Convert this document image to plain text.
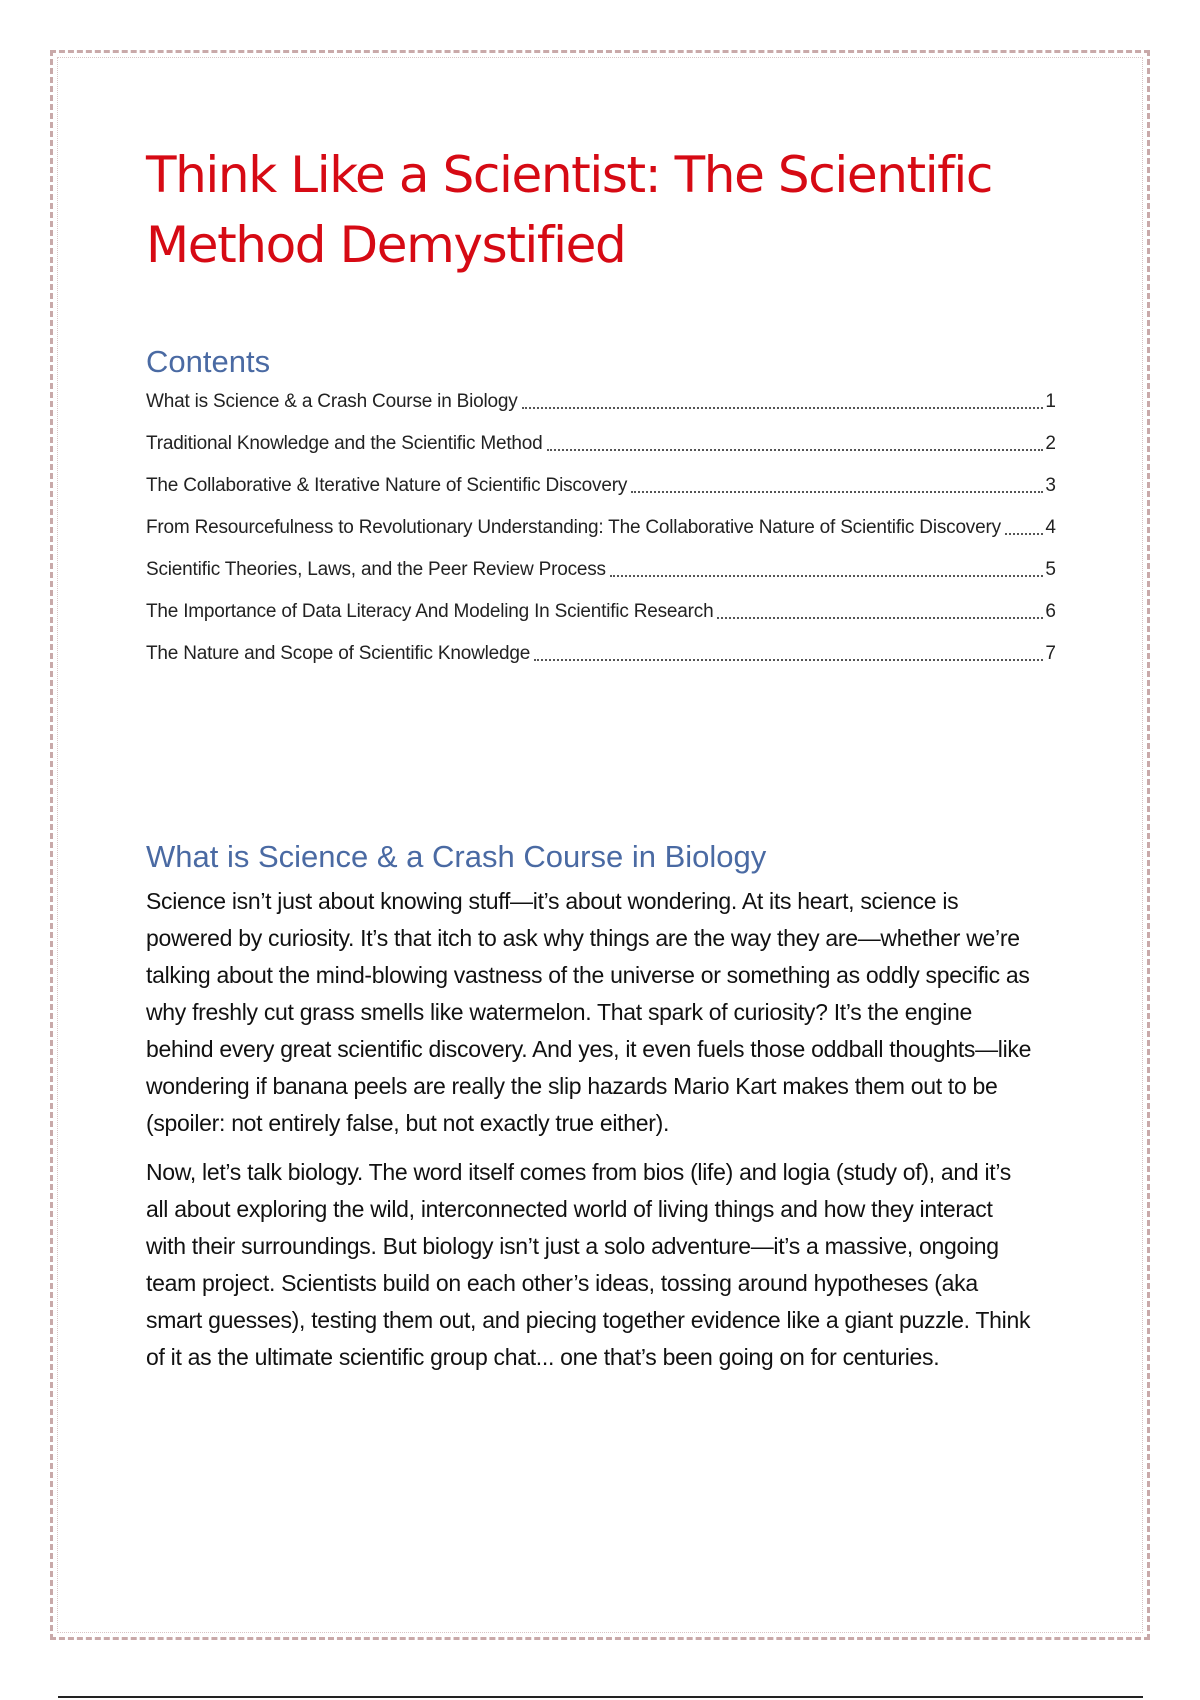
Think Like a Scientist: The Scientific Method Demystified
Contents
What is Science & a Crash Course in Biology	1
Traditional Knowledge and the Scientific Method	2
The Collaborative & Iterative Nature of Scientific Discovery	3
From Resourcefulness to Revolutionary Understanding: The Collaborative Nature of Scientific Discovery 4
Scientific Theories, Laws, and the Peer Review Process	5
The Importance of Data Literacy And Modeling In Scientific Research	6
The Nature and Scope of Scientific Knowledge	7
What is Science & a Crash Course in Biology

Science isn’t just about knowing stuff—it’s about wondering. At its heart, science is powered by curiosity. It’s that itch to ask why things are the way they are—whether we’re talking about the mind-blowing vastness of the universe or something as oddly specific as why freshly cut grass smells like watermelon. That spark of curiosity? It’s the engine behind every great scientific discovery. And yes, it even fuels those oddball thoughts—like wondering if banana peels are really the slip hazards Mario Kart makes them out to be (spoiler: not entirely false, but not exactly true either).

Now, let’s talk biology. The word itself comes from bios (life) and logia (study of), and it’s all about exploring the wild, interconnected world of living things and how they interact with their surroundings. But biology isn’t just a solo adventure—it’s a massive, ongoing team project. Scientists build on each other’s ideas, tossing around hypotheses (aka smart guesses), testing them out, and piecing together evidence like a giant puzzle. Think of it as the ultimate scientific group chat... one that’s been going on for centuries.
